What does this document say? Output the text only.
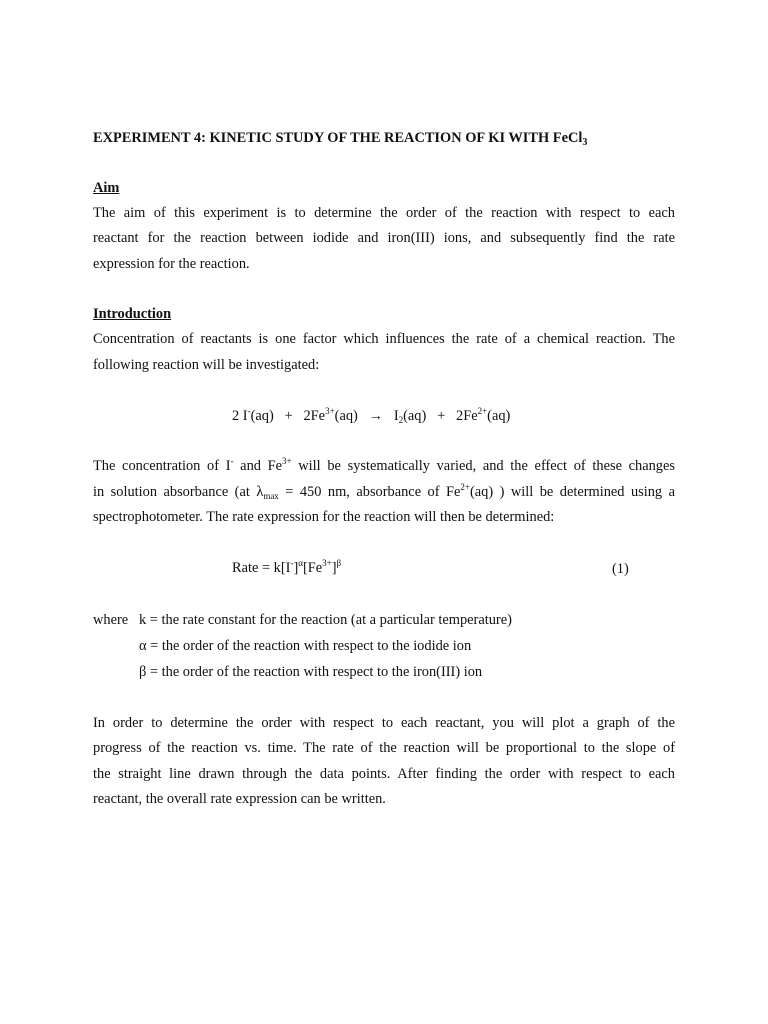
EXPERIMENT 4: KINETIC STUDY OF THE REACTION OF KI WITH FeCl$_3$
Aim
The aim of this experiment is to determine the order of the reaction with respect to each
reactant for the reaction between iodide and iron(III) ions, and subsequently find the rate
expression for the reaction.
Introduction
Concentration of reactants is one factor which influences the rate of a chemical reaction. The
following reaction will be investigated:
2 $I^-(aq) + 2Fe^{3+}(aq) \to I_2(aq) + 2Fe^{2+}(aq)$
The concentration of I- and $Fe^{3+}$ will be systematically varied, and the effect of these changes
in solution absorbance (at $\lambda_{max} = 450$ nm, absorbance of $Fe^{2+}(aq)$ ) will be determined using a
spectrophotometer. The rate expression for the reaction will then be determined:
Rate = $k[I^-]^\alpha[Fe^{3+}]^\beta$	(1)
where k = the rate constant for the reaction (at a particular temperature)
α = the order of the reaction with respect to the iodide ion
β = the order of the reaction with respect to the iron(III) ion
In order to determine the order with respect to each reactant, you will plot a graph of the
progress of the reaction vs. time. The rate of the reaction will be proportional to the slope of
the straight line drawn through the data points. After finding the order with respect to each
reactant, the overall rate expression can be written.
